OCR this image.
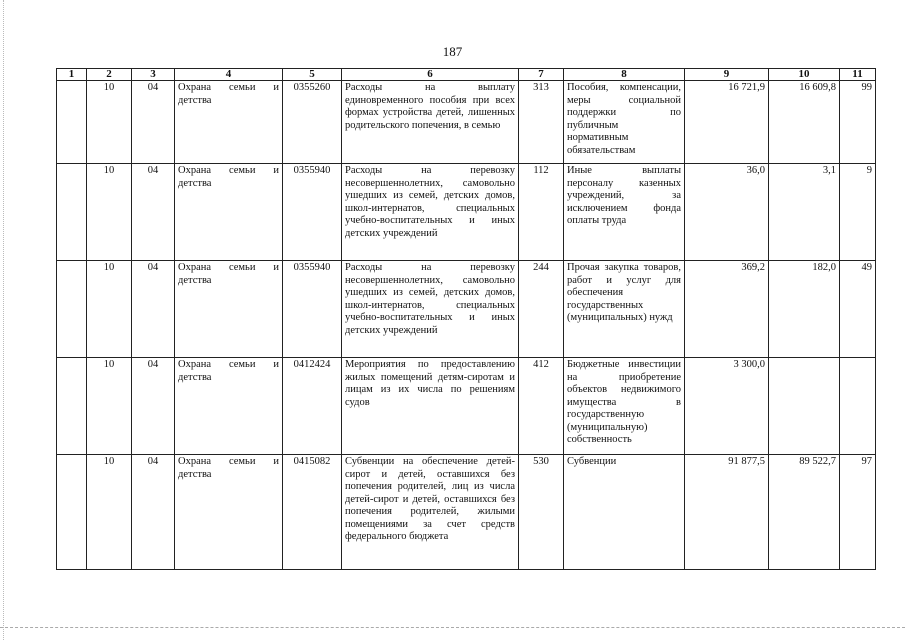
187
1	2	3	4	5	6	7	8	9	10	11
	10	04	Охрана семьи и детства	0355260	Расходы на выплату единовременного пособия при всех формах устройства детей, лишенных родительского попечения, в семью	313	Пособия, компенсации, меры социальной поддержки по публичным нормативным обязательствам	16 721,9	16 609,8	99
	10	04	Охрана семьи и детства	0355940	Расходы на перевозку несовершеннолетних, самовольно ушедших из семей, детских домов, школ-интернатов, специальных учебно-воспитательных и иных детских учреждений	112	Иные выплаты персоналу казенных учреждений, за исключением фонда оплаты труда	36,0	3,1	9
	10	04	Охрана семьи и детства	0355940	Расходы на перевозку несовершеннолетних, самовольно ушедших из семей, детских домов, школ-интернатов, специальных учебно-воспитательных и иных детских учреждений	244	Прочая закупка товаров, работ и услуг для обеспечения государственных (муниципальных) нужд	369,2	182,0	49
	10	04	Охрана семьи и детства	0412424	Мероприятия по предоставлению жилых помещений детям-сиротам и лицам из их числа по решениям судов	412	Бюджетные инвестиции на приобретение объектов недвижимого имущества в государственную (муниципальную) собственность	3 300,0		
	10	04	Охрана семьи и детства	0415082	Субвенции на обеспечение детей-сирот и детей, оставшихся без попечения родителей, лиц из числа детей-сирот и детей, оставшихся без попечения родителей, жилыми помещениями за счет средств федерального бюджета	530	Субвенции	91 877,5	89 522,7	97
